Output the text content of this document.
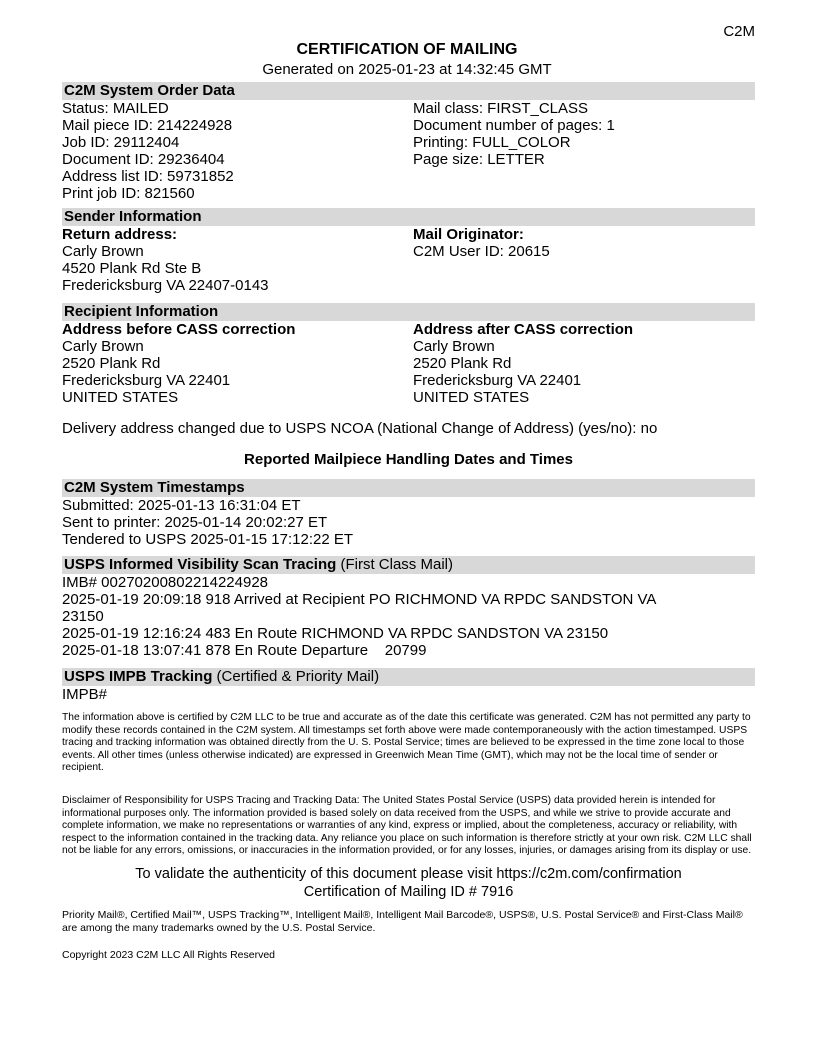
C2M
CERTIFICATION OF MAILING
Generated on 2025-01-23 at 14:32:45 GMT
C2M System Order Data
Status: MAILED
Mail piece ID: 214224928
Job ID: 29112404
Document ID: 29236404
Address list ID: 59731852
Print job ID: 821560
Mail class: FIRST_CLASS
Document number of pages: 1
Printing: FULL_COLOR
Page size: LETTER
Sender Information
Return address:
Carly Brown
4520 Plank Rd Ste B
Fredericksburg VA 22407-0143
Mail Originator:
C2M User ID: 20615
Recipient Information
Address before CASS correction
Carly Brown
2520 Plank Rd
Fredericksburg VA 22401
UNITED STATES
Address after CASS correction
Carly Brown
2520 Plank Rd
Fredericksburg VA 22401
UNITED STATES
Delivery address changed due to USPS NCOA (National Change of Address) (yes/no): no
Reported Mailpiece Handling Dates and Times
C2M System Timestamps
Submitted: 2025-01-13 16:31:04 ET
Sent to printer: 2025-01-14 20:02:27 ET
Tendered to USPS 2025-01-15 17:12:22 ET
USPS Informed Visibility Scan Tracing (First Class Mail)
IMB# 00270200802214224928
2025-01-19 20:09:18 918 Arrived at Recipient PO RICHMOND VA RPDC SANDSTON VA
23150
2025-01-19 12:16:24 483 En Route RICHMOND VA RPDC SANDSTON VA 23150
2025-01-18 13:07:41 878 En Route Departure    20799
USPS IMPB Tracking (Certified & Priority Mail)
IMPB#

The information above is certified by C2M LLC to be true and accurate as of the date this certificate was generated. C2M has not permitted any party to modify these records contained in the C2M system. All timestamps set forth above were made contemporaneously with the action timestamped. USPS tracing and tracking information was obtained directly from the U. S. Postal Service; times are believed to be expressed in the time zone local to those events. All other times (unless otherwise indicated) are expressed in Greenwich Mean Time (GMT), which may not be the local time of sender or recipient.

Disclaimer of Responsibility for USPS Tracing and Tracking Data: The United States Postal Service (USPS) data provided herein is intended for informational purposes only. The information provided is based solely on data received from the USPS, and while we strive to provide accurate and complete information, we make no representations or warranties of any kind, express or implied, about the completeness, accuracy or reliability, with respect to the information contained in the tracking data. Any reliance you place on such information is therefore strictly at your own risk. C2M LLC shall not be liable for any errors, omissions, or inaccuracies in the information provided, or for any losses, injuries, or damages arising from its display or use.

To validate the authenticity of this document please visit https://c2m.com/confirmation
Certification of Mailing ID # 7916
Priority Mail®, Certified Mail™, USPS Tracking™, Intelligent Mail®, Intelligent Mail Barcode®, USPS®, U.S. Postal Service® and First-Class Mail® are among the many trademarks owned by the U.S. Postal Service.
Copyright 2023 C2M LLC All Rights Reserved
